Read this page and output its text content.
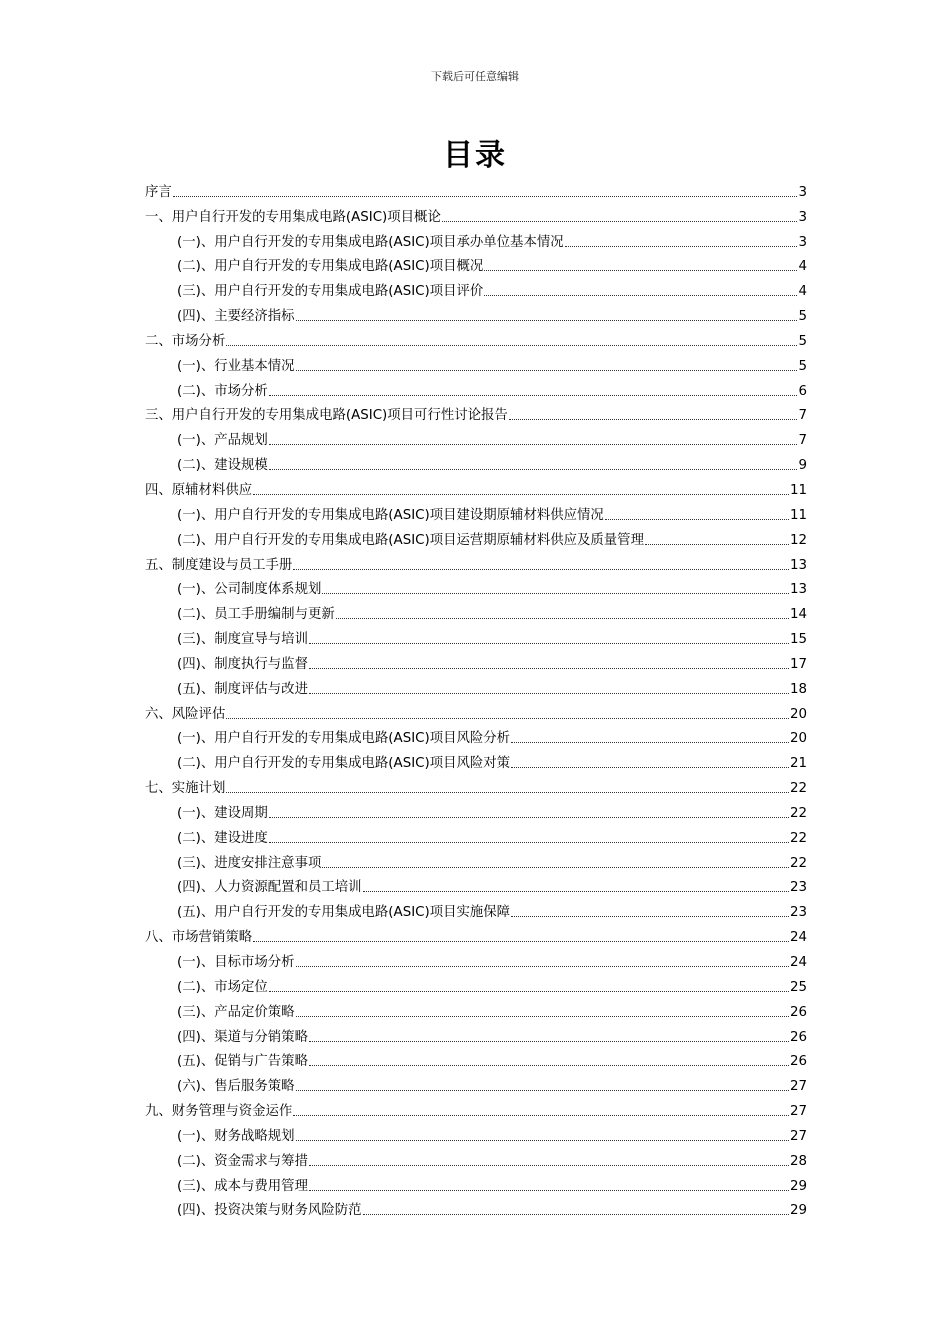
下载后可任意编辑
目录
序言	3
一、用户自行开发的专用集成电路(ASIC)项目概论	3
(一)、用户自行开发的专用集成电路(ASIC)项目承办单位基本情况	3
(二)、用户自行开发的专用集成电路(ASIC)项目概况	4
(三)、用户自行开发的专用集成电路(ASIC)项目评价	4
(四)、主要经济指标	5
二、市场分析	5
(一)、行业基本情况	5
(二)、市场分析	6
三、用户自行开发的专用集成电路(ASIC)项目可行性讨论报告	7
(一)、产品规划	7
(二)、建设规模	9
四、原辅材料供应	11
(一)、用户自行开发的专用集成电路(ASIC)项目建设期原辅材料供应情况	11
(二)、用户自行开发的专用集成电路(ASIC)项目运营期原辅材料供应及质量管理	12
五、制度建设与员工手册	13
(一)、公司制度体系规划	13
(二)、员工手册编制与更新	14
(三)、制度宣导与培训	15
(四)、制度执行与监督	17
(五)、制度评估与改进	18
六、风险评估	20
(一)、用户自行开发的专用集成电路(ASIC)项目风险分析	20
(二)、用户自行开发的专用集成电路(ASIC)项目风险对策	21
七、实施计划	22
(一)、建设周期	22
(二)、建设进度	22
(三)、进度安排注意事项	22
(四)、人力资源配置和员工培训	23
(五)、用户自行开发的专用集成电路(ASIC)项目实施保障	23
八、市场营销策略	24
(一)、目标市场分析	24
(二)、市场定位	25
(三)、产品定价策略	26
(四)、渠道与分销策略	26
(五)、促销与广告策略	26
(六)、售后服务策略	27
九、财务管理与资金运作	27
(一)、财务战略规划	27
(二)、资金需求与筹措	28
(三)、成本与费用管理	29
(四)、投资决策与财务风险防范	29
